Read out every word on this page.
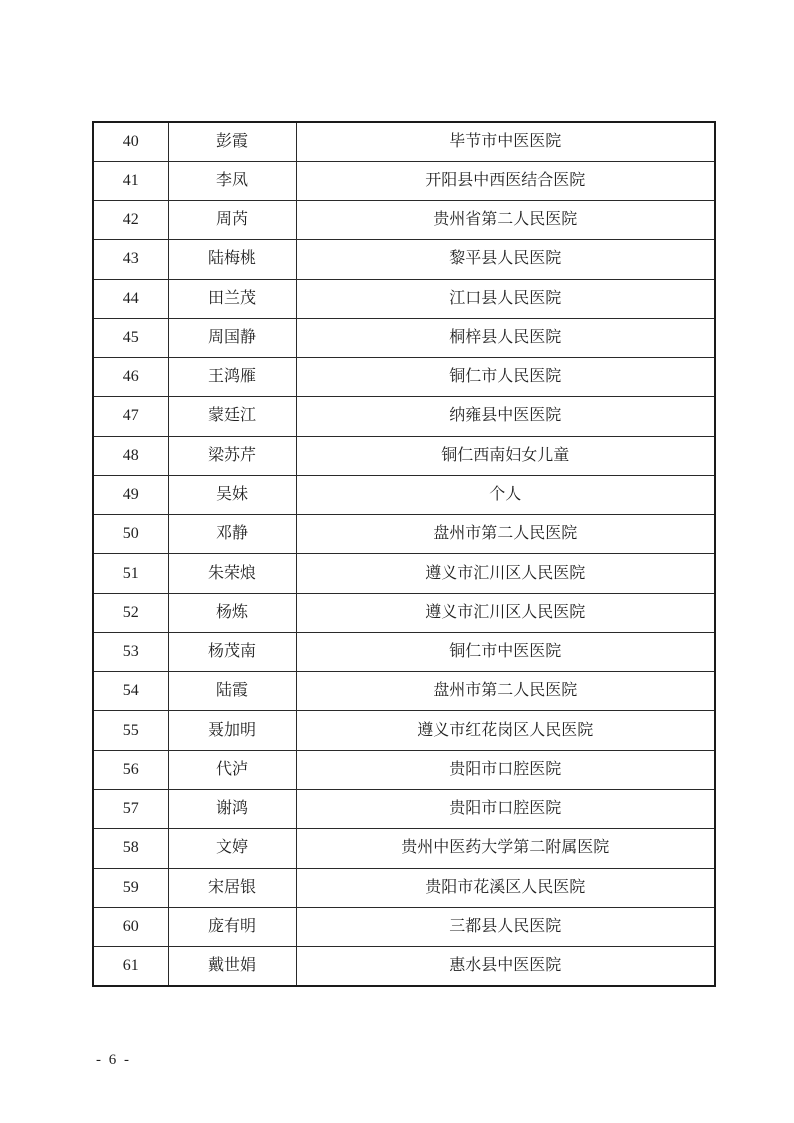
40	彭霞	毕节市中医医院
41	李凤	开阳县中西医结合医院
42	周芮	贵州省第二人民医院
43	陆梅桃	黎平县人民医院
44	田兰茂	江口县人民医院
45	周国静	桐梓县人民医院
46	王鸿雁	铜仁市人民医院
47	蒙廷江	纳雍县中医医院
48	梁苏芹	铜仁西南妇女儿童
49	吴妹	个人
50	邓静	盘州市第二人民医院
51	朱荣烺	遵义市汇川区人民医院
52	杨炼	遵义市汇川区人民医院
53	杨茂南	铜仁市中医医院
54	陆霞	盘州市第二人民医院
55	聂加明	遵义市红花岗区人民医院
56	代泸	贵阳市口腔医院
57	谢鸿	贵阳市口腔医院
58	文婷	贵州中医药大学第二附属医院
59	宋居银	贵阳市花溪区人民医院
60	庞有明	三都县人民医院
61	戴世娟	惠水县中医医院
- 6 -
